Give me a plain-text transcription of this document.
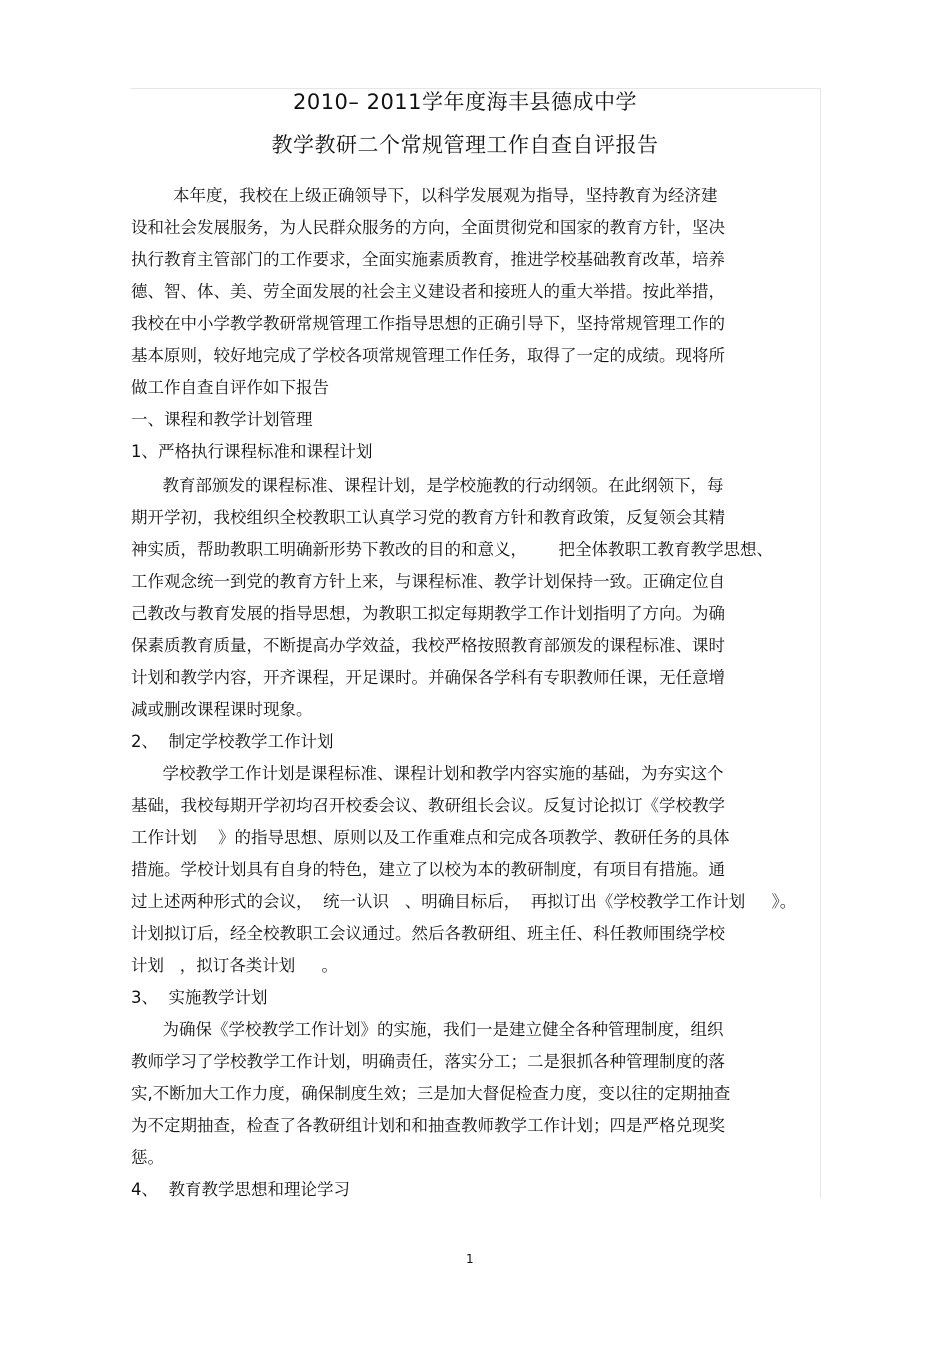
2010– 2011学年度海丰县德成中学
教学教研二个常规管理工作自查自评报告
本年度，我校在上级正确领导下，以科学发展观为指导，坚持教育为经济建
设和社会发展服务，为人民群众服务的方向，全面贯彻党和国家的教育方针，坚决
执行教育主管部门的工作要求，全面实施素质教育，推进学校基础教育改革，培养
德、智、体、美、劳全面发展的社会主义建设者和接班人的重大举措。按此举措，
我校在中小学教学教研常规管理工作指导思想的正确引导下，坚持常规管理工作的
基本原则，较好地完成了学校各项常规管理工作任务，取得了一定的成绩。现将所
做工作自查自评作如下报告
一、课程和教学计划管理
1、严格执行课程标准和课程计划
教育部颁发的课程标准、课程计划，是学校施教的行动纲领。在此纲领下，每
期开学初，我校组织全校教职工认真学习党的教育方针和教育政策，反复领会其精
神实质，帮助教职工明确新形势下教改的目的和意义，      把全体教职工教育教学思想、
工作观念统一到党的教育方针上来，与课程标准、教学计划保持一致。正确定位自
己教改与教育发展的指导思想，为教职工拟定每期教学工作计划指明了方向。为确
保素质教育质量，不断提高办学效益，我校严格按照教育部颁发的课程标准、课时
计划和教学内容，开齐课程，开足课时。并确保各学科有专职教师任课，无任意增
减或删改课程课时现象。
2、  制定学校教学工作计划
学校教学工作计划是课程标准、课程计划和教学内容实施的基础，为夯实这个
基础，我校每期开学初均召开校委会议、教研组长会议。反复讨论拟订《学校教学
工作计划    》的指导思想、原则以及工作重难点和完成各项教学、教研任务的具体
措施。学校计划具有自身的特色，建立了以校为本的教研制度，有项目有措施。通
过上述两种形式的会议，  统一认识   、明确目标后，  再拟订出《学校教学工作计划     》。
计划拟订后，经全校教职工会议通过。然后各教研组、班主任、科任教师围绕学校
计划   ，拟订各类计划     。
3、  实施教学计划
为确保《学校教学工作计划》的实施，我们一是建立健全各种管理制度，组织
教师学习了学校教学工作计划，明确责任，落实分工；二是狠抓各种管理制度的落
实,不断加大工作力度，确保制度生效；三是加大督促检查力度，变以往的定期抽查
为不定期抽查，检查了各教研组计划和和抽查教师教学工作计划；四是严格兑现奖
惩。
4、  教育教学思想和理论学习
1
